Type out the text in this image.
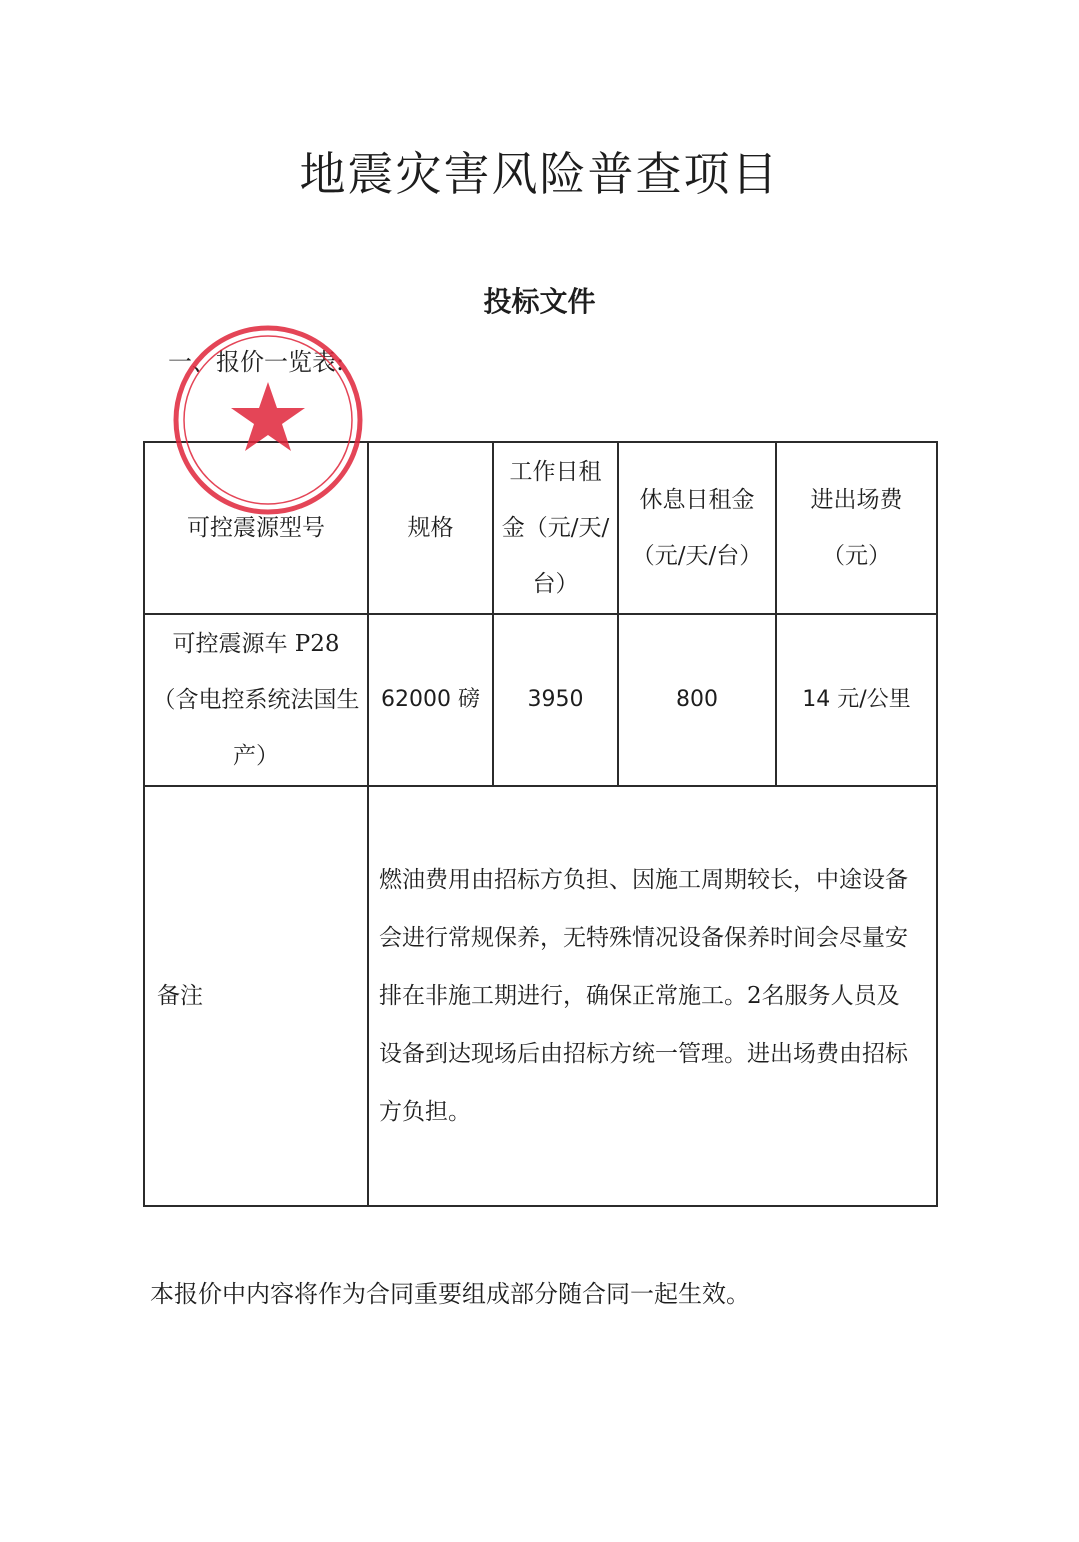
地震灾害风险普查项目
投标文件
一、报价一览表:
可控震源型号	规格	工作日租金（元/天/台）	休息日租金（元/天/台）	进出场费（元）
可控震源车 P28（含电控系统法国生产）	62000 磅	3950	800	14 元/公里
备注	燃油费用由招标方负担、因施工周期较长，中途设备会进行常规保养，无特殊情况设备保养时间会尽量安排在非施工期进行，确保正常施工。2名服务人员及设备到达现场后由招标方统一管理。进出场费由招标方负担。			
本报价中内容将作为合同重要组成部分随合同一起生效。
